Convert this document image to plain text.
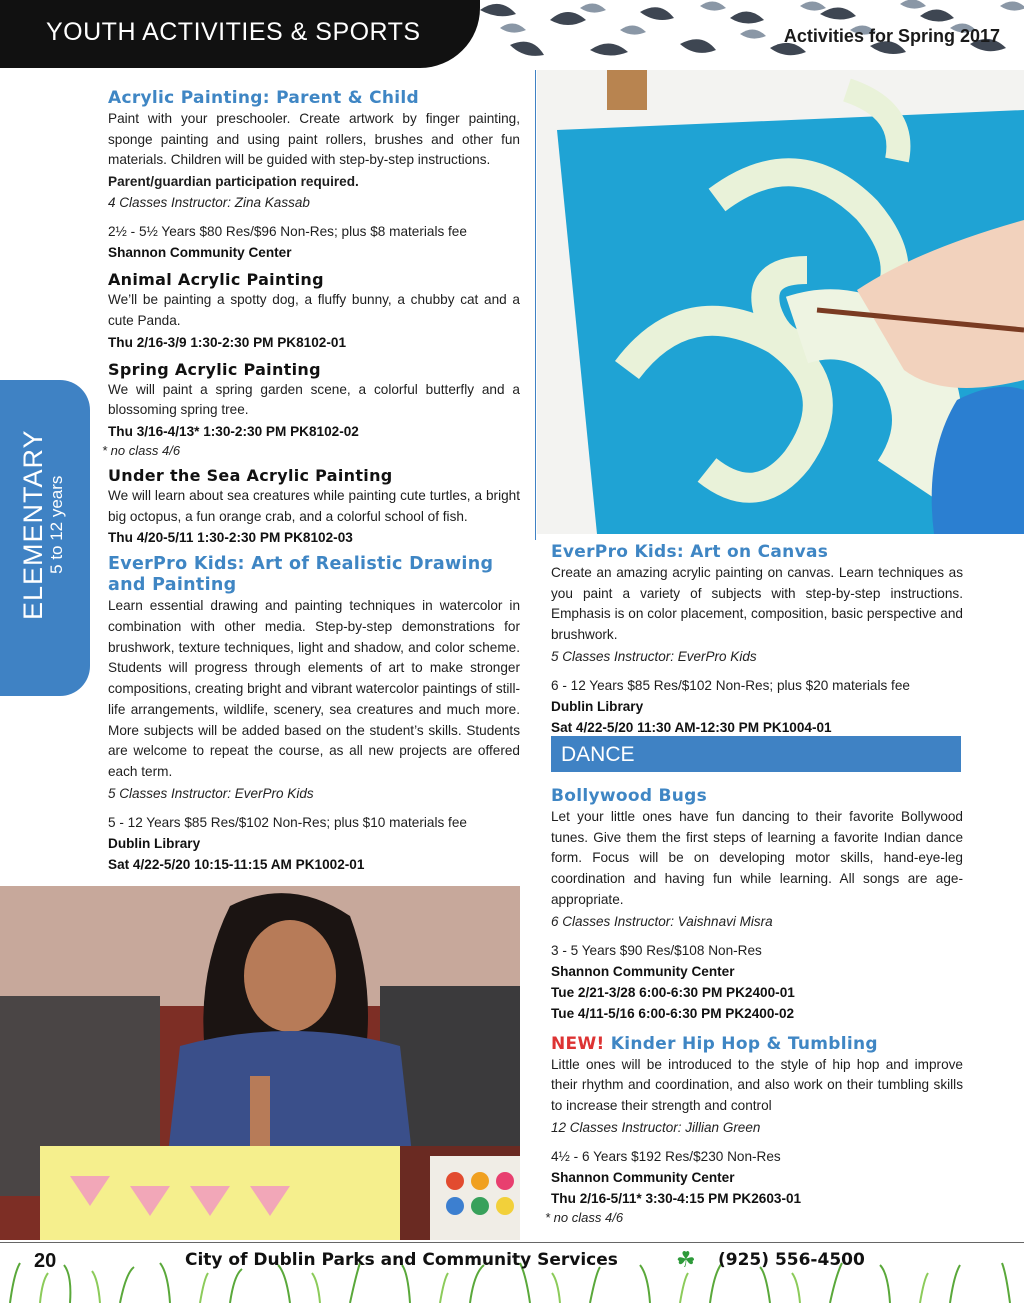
YOUTH ACTIVITIES & SPORTS	Activities for Spring 2017
ELEMENTARY 5 to 12 years
Acrylic Painting: Parent & Child

Paint with your preschooler. Create artwork by finger painting, sponge painting and using paint rollers, brushes and other fun materials. Children will be guided with step-by-step instructions.

Parent/guardian participation required.
4 Classes Instructor: Zina Kassab
2½ - 5½ Years $80 Res/$96 Non-Res; plus $8 materials fee
Shannon Community Center
Animal Acrylic Painting

We’ll be painting a spotty dog, a fluffy bunny, a chubby cat and a cute Panda.

Thu 2/16-3/9 1:30-2:30 PM PK8102-01
Spring Acrylic Painting

We will paint a spring garden scene, a colorful butterfly and a blossoming spring tree.

Thu 3/16-4/13* 1:30-2:30 PM PK8102-02
* no class 4/6
Under the Sea Acrylic Painting

We will learn about sea creatures while painting cute turtles, a bright big octopus, a fun orange crab, and a colorful school of fish.

Thu 4/20-5/11 1:30-2:30 PM PK8102-03
EverPro Kids: Art of Realistic Drawing and Painting

Learn essential drawing and painting techniques in watercolor in combination with other media. Step-by-step demonstrations for brushwork, texture techniques, light and shadow, and color scheme. Students will progress through elements of art to make stronger compositions, creating bright and vibrant watercolor paintings of still-life arrangements, wildlife, scenery, sea creatures and much more. More subjects will be added based on the student’s skills. Students are welcome to repeat the course, as all new projects are offered each term.

5 Classes Instructor: EverPro Kids
5 - 12 Years $85 Res/$102 Non-Res; plus $10 materials fee
Dublin Library
Sat 4/22-5/20 10:15-11:15 AM PK1002-01
EverPro Kids: Art on Canvas

Create an amazing acrylic painting on canvas. Learn techniques as you paint a variety of subjects with step-by-step instructions. Emphasis is on color placement, composition, basic perspective and brushwork.

5 Classes Instructor: EverPro Kids
6 - 12 Years $85 Res/$102 Non-Res; plus $20 materials fee
Dublin Library
Sat 4/22-5/20 11:30 AM-12:30 PM PK1004-01
DANCE
Bollywood Bugs

Let your little ones have fun dancing to their favorite Bollywood tunes. Give them the first steps of learning a favorite Indian dance form. Focus will be on developing motor skills, hand-eye-leg coordination and having fun while learning. All songs are age-appropriate.

6 Classes Instructor: Vaishnavi Misra
3 - 5 Years $90 Res/$108 Non-Res
Shannon Community Center
Tue 2/21-3/28 6:00-6:30 PM PK2400-01
Tue 4/11-5/16 6:00-6:30 PM PK2400-02
NEW! Kinder Hip Hop & Tumbling

Little ones will be introduced to the style of hip hop and improve their rhythm and coordination, and also work on their tumbling skills to increase their strength and control

12 Classes Instructor: Jillian Green
4½ - 6 Years $192 Res/$230 Non-Res
Shannon Community Center
Thu 2/16-5/11* 3:30-4:15 PM PK2603-01
* no class 4/6
20	City of Dublin Parks and Community Services	☘ (925) 556-4500
